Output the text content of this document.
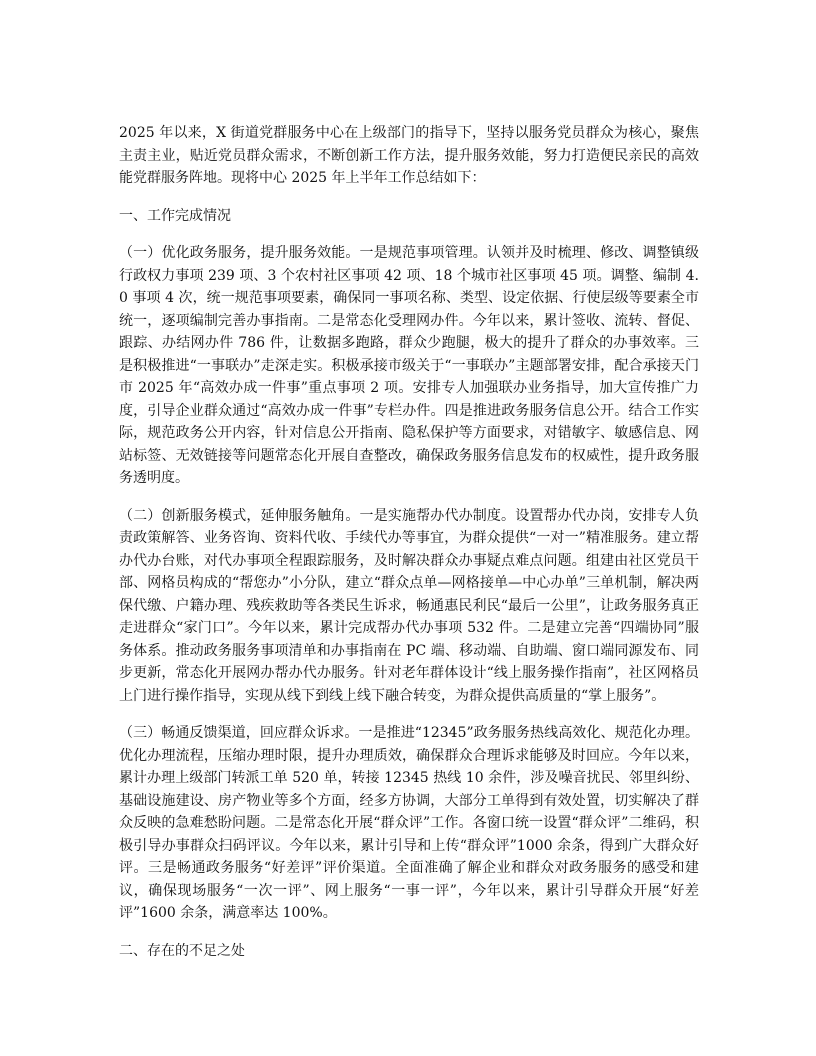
2025 年以来，X 街道党群服务中心在上级部门的指导下，坚持以服务党员群众为核心，聚焦主责主业，贴近党员群众需求，不断创新工作方法，提升服务效能，努力打造便民亲民的高效能党群服务阵地。现将中心 2025 年上半年工作总结如下：

一、工作完成情况

（一）优化政务服务，提升服务效能。一是规范事项管理。认领并及时梳理、修改、调整镇级行政权力事项 239 项、3 个农村社区事项 42 项、18 个城市社区事项 45 项。调整、编制 4.0 事项 4 次，统一规范事项要素，确保同一事项名称、类型、设定依据、行使层级等要素全市统一，逐项编制完善办事指南。二是常态化受理网办件。今年以来，累计签收、流转、督促、跟踪、办结网办件 786 件，让数据多跑路，群众少跑腿，极大的提升了群众的办事效率。三是积极推进“一事联办”走深走实。积极承接市级关于“一事联办”主题部署安排，配合承接天门市 2025 年“高效办成一件事”重点事项 2 项。安排专人加强联办业务指导，加大宣传推广力度，引导企业群众通过“高效办成一件事”专栏办件。四是推进政务服务信息公开。结合工作实际，规范政务公开内容，针对信息公开指南、隐私保护等方面要求，对错敏字、敏感信息、网站标签、无效链接等问题常态化开展自查整改，确保政务服务信息发布的权威性，提升政务服务透明度。

（二）创新服务模式，延伸服务触角。一是实施帮办代办制度。设置帮办代办岗，安排专人负责政策解答、业务咨询、资料代收、手续代办等事宜，为群众提供“一对一”精准服务。建立帮办代办台账，对代办事项全程跟踪服务，及时解决群众办事疑点难点问题。组建由社区党员干部、网格员构成的“帮您办”小分队，建立“群众点单—网格接单—中心办单”三单机制，解决两保代缴、户籍办理、残疾救助等各类民生诉求，畅通惠民利民“最后一公里”，让政务服务真正走进群众“家门口”。今年以来，累计完成帮办代办事项 532 件。二是建立完善“四端协同”服务体系。推动政务服务事项清单和办事指南在 PC 端、移动端、自助端、窗口端同源发布、同步更新，常态化开展网办帮办代办服务。针对老年群体设计“线上服务操作指南”，社区网格员上门进行操作指导，实现从线下到线上线下融合转变，为群众提供高质量的“掌上服务”。

（三）畅通反馈渠道，回应群众诉求。一是推进“12345”政务服务热线高效化、规范化办理。优化办理流程，压缩办理时限，提升办理质效，确保群众合理诉求能够及时回应。今年以来，累计办理上级部门转派工单 520 单，转接 12345 热线 10 余件，涉及噪音扰民、邻里纠纷、基础设施建设、房产物业等多个方面，经多方协调，大部分工单得到有效处置，切实解决了群众反映的急难愁盼问题。二是常态化开展“群众评”工作。各窗口统一设置“群众评”二维码，积极引导办事群众扫码评议。今年以来，累计引导和上传“群众评”1000 余条，得到广大群众好评。三是畅通政务服务“好差评”评价渠道。全面准确了解企业和群众对政务服务的感受和建议，确保现场服务“一次一评”、网上服务“一事一评”，今年以来，累计引导群众开展“好差评”1600 余条，满意率达 100%。

二、存在的不足之处
